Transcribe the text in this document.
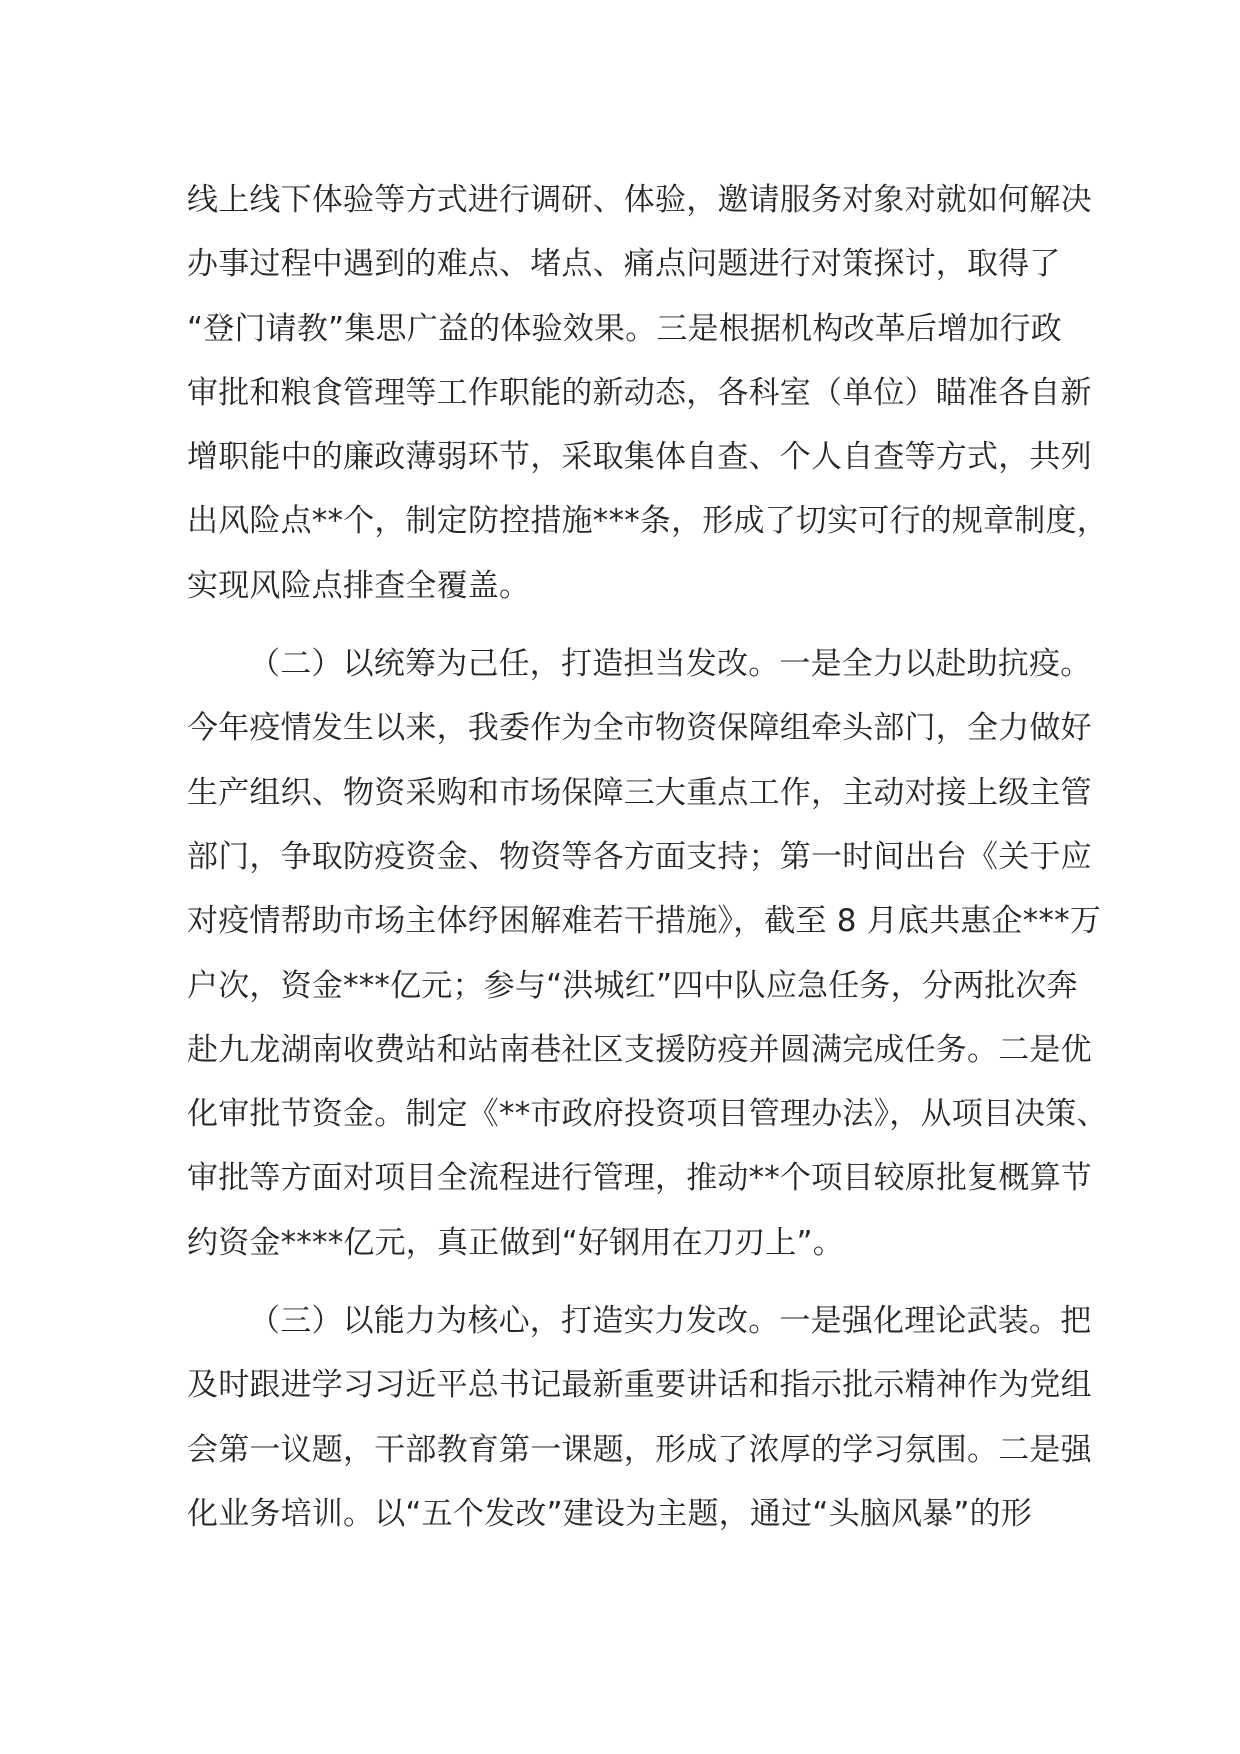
线上线下体验等方式进行调研、体验，邀请服务对象对就如何解决
办事过程中遇到的难点、堵点、痛点问题进行对策探讨，取得了
“登门请教”集思广益的体验效果。三是根据机构改革后增加行政
审批和粮食管理等工作职能的新动态，各科室（单位）瞄准各自新
增职能中的廉政薄弱环节，采取集体自查、个人自查等方式，共列
出风险点**个，制定防控措施***条，形成了切实可行的规章制度，
实现风险点排查全覆盖。

（二）以统筹为己任，打造担当发改。一是全力以赴助抗疫。
今年疫情发生以来，我委作为全市物资保障组牵头部门，全力做好
生产组织、物资采购和市场保障三大重点工作，主动对接上级主管
部门，争取防疫资金、物资等各方面支持；第一时间出台《关于应
对疫情帮助市场主体纾困解难若干措施》，截至 8 月底共惠企***万
户次，资金***亿元；参与“洪城红”四中队应急任务，分两批次奔
赴九龙湖南收费站和站南巷社区支援防疫并圆满完成任务。二是优
化审批节资金。制定《**市政府投资项目管理办法》，从项目决策、
审批等方面对项目全流程进行管理，推动**个项目较原批复概算节
约资金****亿元，真正做到“好钢用在刀刃上”。

（三）以能力为核心，打造实力发改。一是强化理论武装。把
及时跟进学习习近平总书记最新重要讲话和指示批示精神作为党组
会第一议题，干部教育第一课题，形成了浓厚的学习氛围。二是强
化业务培训。以“五个发改”建设为主题，通过“头脑风暴”的形
